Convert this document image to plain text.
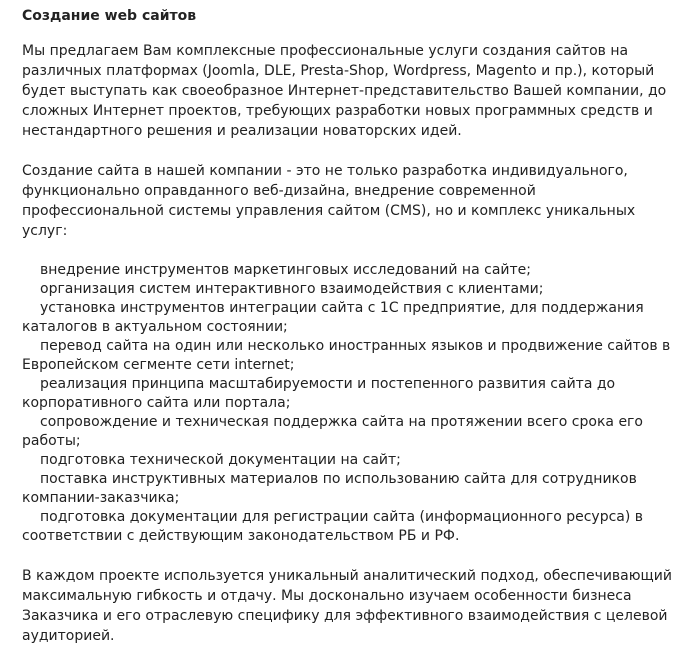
Создание web сайтов

Мы предлагаем Вам комплексные профессиональные услуги создания сайтов на различных платформах (Joomla, DLE, Presta-Shop, Wordpress, Magento и пр.), который будет выступать как своеобразное Интернет-представительство Вашей компании, до сложных Интернет проектов, требующих разработки новых программных средств и нестандартного решения и реализации новаторских идей.

Создание сайта в нашей компании - это не только разработка индивидуального, функционально оправданного веб-дизайна, внедрение современной профессиональной системы управления сайтом (CMS), но и комплекс уникальных услуг:

внедрение инструментов маркетинговых исследований на сайте;
организация систем интерактивного взаимодействия с клиентами;
установка инструментов интеграции сайта с 1С предприятие, для поддержания каталогов в актуальном состоянии;
перевод сайта на один или несколько иностранных языков и продвижение сайтов в Европейском сегменте сети internet;
реализация принципа масштабируемости и постепенного развития сайта до корпоративного сайта или портала;
сопровождение и техническая поддержка сайта на протяжении всего срока его работы;
подготовка технической документации на сайт;
поставка инструктивных материалов по использованию сайта для сотрудников компании-заказчика;
подготовка документации для регистрации сайта (информационного ресурса) в соответствии с действующим законодательством РБ и РФ.

В каждом проекте используется уникальный аналитический подход, обеспечивающий максимальную гибкость и отдачу. Мы досконально изучаем особенности бизнеса Заказчика и его отраслевую специфику для эффективного взаимодействия с целевой аудиторией.
